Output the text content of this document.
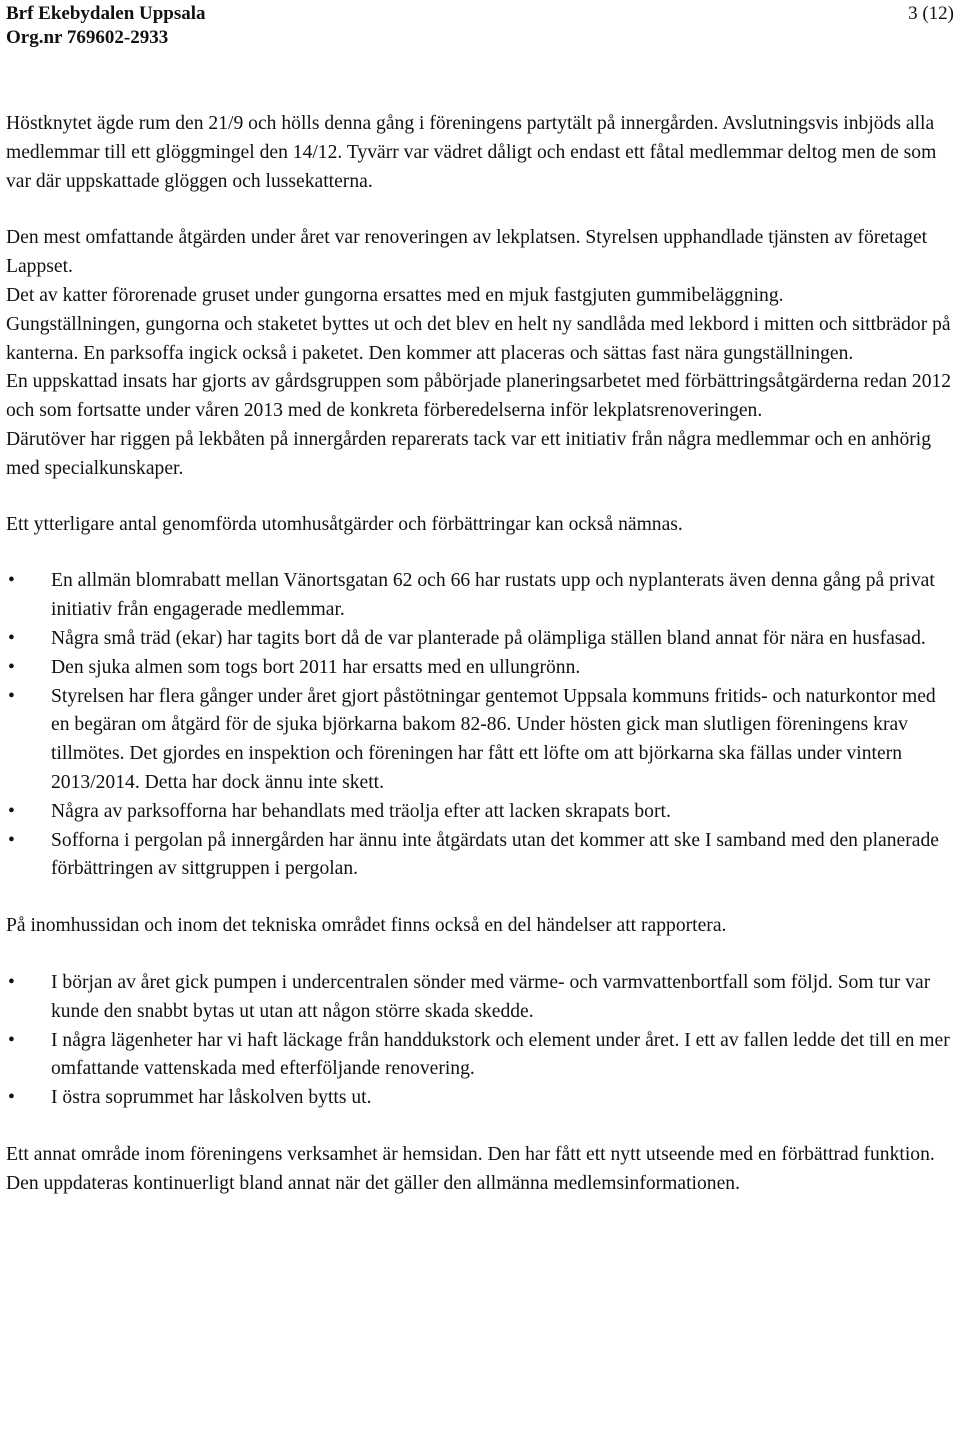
Brf Ekebydalen Uppsala
Org.nr 769602-2933
3 (12)

Höstknytet ägde rum den 21/9 och hölls denna gång i föreningens partytält på innergården. Avslutningsvis inbjöds alla medlemmar till ett glöggmingel den 14/12. Tyvärr var vädret dåligt och endast ett fåtal medlemmar deltog men de som var där uppskattade glöggen och lussekatterna.

Den mest omfattande åtgärden under året var renoveringen av lekplatsen. Styrelsen upphandlade tjänsten av företaget Lappset.

Det av katter förorenade gruset under gungorna ersattes med en mjuk fastgjuten gummibeläggning.

Gungställningen, gungorna och staketet byttes ut och det blev en helt ny sandlåda med lekbord i mitten och sittbrädor på kanterna. En parksoffa ingick också i paketet. Den kommer att placeras och sättas fast nära gungställningen.

En uppskattad insats har gjorts av gårdsgruppen som påbörjade planeringsarbetet med förbättringsåtgärderna redan 2012 och som fortsatte under våren 2013 med de konkreta förberedelserna inför lekplatsrenoveringen.

Därutöver har riggen på lekbåten på innergården reparerats tack var ett initiativ från några medlemmar och en anhörig med specialkunskaper.

Ett ytterligare antal genomförda utomhusåtgärder och förbättringar kan också nämnas.

• En allmän blomrabatt mellan Vänortsgatan 62 och 66 har rustats upp och nyplanterats även denna gång på privat initiativ från engagerade medlemmar.
• Några små träd (ekar) har tagits bort då de var planterade på olämpliga ställen bland annat för nära en husfasad.
• Den sjuka almen som togs bort 2011 har ersatts med en ullungrönn.
• Styrelsen har flera gånger under året gjort påstötningar gentemot Uppsala kommuns fritids- och naturkontor med en begäran om åtgärd för de sjuka björkarna bakom 82-86. Under hösten gick man slutligen föreningens krav tillmötes. Det gjordes en inspektion och föreningen har fått ett löfte om att björkarna ska fällas under vintern 2013/2014. Detta har dock ännu inte skett.
• Några av parksofforna har behandlats med träolja efter att lacken skrapats bort.
• Sofforna i pergolan på innergården har ännu inte åtgärdats utan det kommer att ske I samband med den planerade förbättringen av sittgruppen i pergolan.

På inomhussidan och inom det tekniska området finns också en del händelser att rapportera.

• I början av året gick pumpen i undercentralen sönder med värme- och varmvattenbortfall som följd. Som tur var kunde den snabbt bytas ut utan att någon större skada skedde.
• I några lägenheter har vi haft läckage från handdukstork och element under året. I ett av fallen ledde det till en mer omfattande vattenskada med efterföljande renovering.
• I östra soprummet har låskolven bytts ut.

Ett annat område inom föreningens verksamhet är hemsidan. Den har fått ett nytt utseende med en förbättrad funktion. Den uppdateras kontinuerligt bland annat när det gäller den allmänna medlemsinformationen.
